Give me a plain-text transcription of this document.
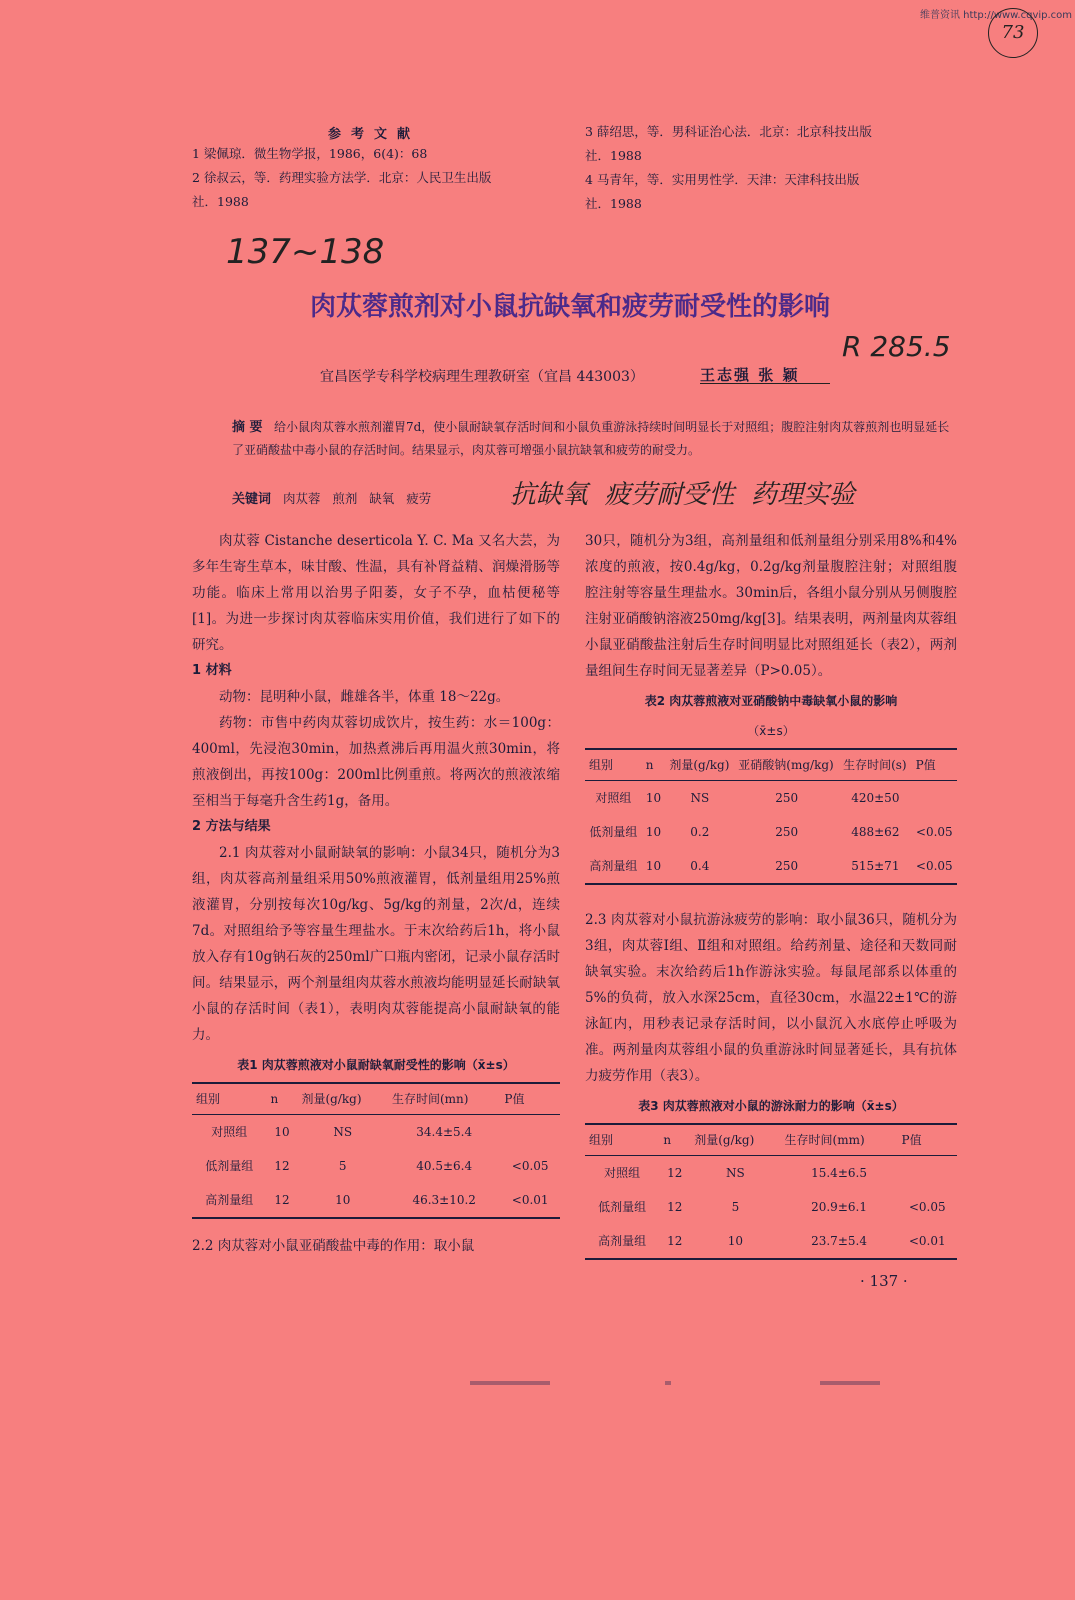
维普资讯 http://www.cqvip.com
73
参考文献
1 梁佩琼．微生物学报，1986，6(4)：68
2 徐叔云，等．药理实验方法学．北京：人民卫生出版
社．1988
3 薛绍思，等．男科证治心法．北京：北京科技出版
社．1988
4 马青年，等．实用男性学．天津：天津科技出版
社．1988
137~138
R 285.5
肉苁蓉煎剂对小鼠抗缺氧和疲劳耐受性的影响
宜昌医学专科学校病理生理教研室（宜昌 443003）	王志强 张 颖
摘 要 给小鼠肉苁蓉水煎剂灌胃7d，使小鼠耐缺氧存活时间和小鼠负重游泳持续时间明显长于对照组；腹腔注射肉苁蓉煎剂也明显延长了亚硝酸盐中毒小鼠的存活时间。结果显示，肉苁蓉可增强小鼠抗缺氧和疲劳的耐受力。
关键词 肉苁蓉   煎剂   缺氧   疲劳	抗缺氧  疲劳耐受性  药理实验

肉苁蓉 Cistanche deserticola Y. C. Ma 又名大芸，为多年生寄生草本，味甘酸、性温，具有补肾益精、润燥滑肠等功能。临床上常用以治男子阳萎，女子不孕，血枯便秘等[1]。为进一步探讨肉苁蓉临床实用价值，我们进行了如下的研究。

1 材料

动物：昆明种小鼠，雌雄各半，体重 18～22g。

药物：市售中药肉苁蓉切成饮片，按生药：水＝100g：400ml，先浸泡30min，加热煮沸后再用温火煎30min，将煎液倒出，再按100g：200ml比例重煎。将两次的煎液浓缩至相当于每毫升含生药1g，备用。

2 方法与结果

2.1 肉苁蓉对小鼠耐缺氧的影响：小鼠34只，随机分为3组，肉苁蓉高剂量组采用50%煎液灌胃，低剂量组用25%煎液灌胃，分别按每次10g/kg、5g/kg的剂量，2次/d，连续7d。对照组给予等容量生理盐水。于末次给药后1h，将小鼠放入存有10g钠石灰的250ml广口瓶内密闭，记录小鼠存活时间。结果显示，两个剂量组肉苁蓉水煎液均能明显延长耐缺氧小鼠的存活时间（表1），表明肉苁蓉能提高小鼠耐缺氧的能力。

表1 肉苁蓉煎液对小鼠耐缺氧耐受性的影响（x̄±s）
组别	n	剂量(g/kg)	生存时间(mn)	P值
对照组	10	NS	34.4±5.4	
低剂量组	12	5	40.5±6.4	<0.05
高剂量组	12	10	46.3±10.2	<0.01

2.2 肉苁蓉对小鼠亚硝酸盐中毒的作用：取小鼠

30只，随机分为3组，高剂量组和低剂量组分别采用8%和4%浓度的煎液，按0.4g/kg，0.2g/kg剂量腹腔注射；对照组腹腔注射等容量生理盐水。30min后，各组小鼠分别从另侧腹腔注射亚硝酸钠溶液250mg/kg[3]。结果表明，两剂量肉苁蓉组小鼠亚硝酸盐注射后生存时间明显比对照组延长（表2），两剂量组间生存时间无显著差异（P>0.05）。

表2 肉苁蓉煎液对亚硝酸钠中毒缺氧小鼠的影响
（x̄±s）
组别	n	剂量(g/kg)	亚硝酸钠(mg/kg)	生存时间(s)	P值
对照组	10	NS	250	420±50	
低剂量组	10	0.2	250	488±62	<0.05
高剂量组	10	0.4	250	515±71	<0.05

2.3 肉苁蓉对小鼠抗游泳疲劳的影响：取小鼠36只，随机分为3组，肉苁蓉Ⅰ组、Ⅱ组和对照组。给药剂量、途径和天数同耐缺氧实验。末次给药后1h作游泳实验。每鼠尾部系以体重的5%的负荷，放入水深25cm，直径30cm，水温22±1℃的游泳缸内，用秒表记录存活时间，以小鼠沉入水底停止呼吸为准。两剂量肉苁蓉组小鼠的负重游泳时间显著延长，具有抗体力疲劳作用（表3）。

表3 肉苁蓉煎液对小鼠的游泳耐力的影响（x̄±s）
组别	n	剂量(g/kg)	生存时间(mm)	P值
对照组	12	NS	15.4±6.5	
低剂量组	12	5	20.9±6.1	<0.05
高剂量组	12	10	23.7±5.4	<0.01
· 137 ·
